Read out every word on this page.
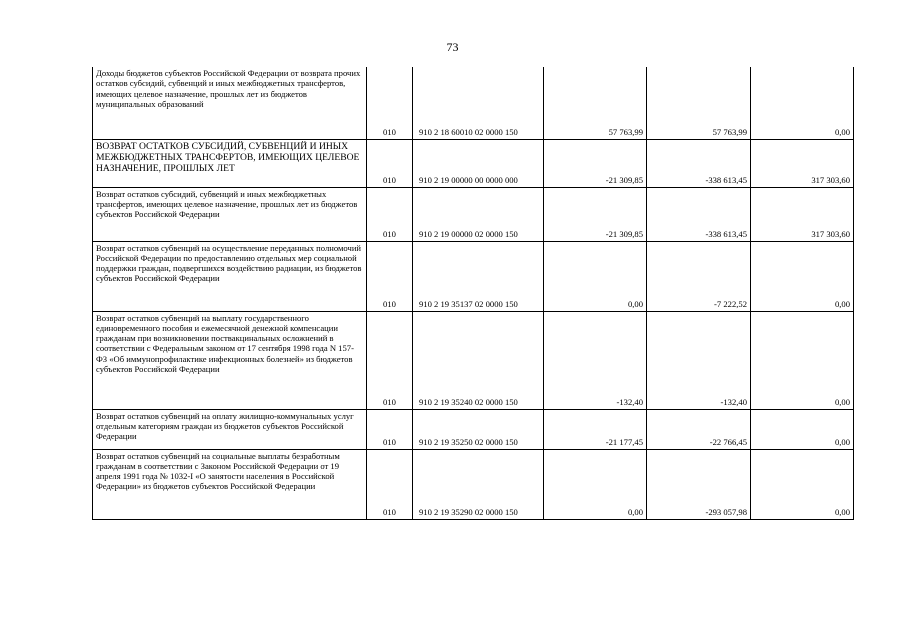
73
Доходы бюджетов субъектов Российской Федерации от возврата прочих остатков субсидий, субвенций и иных межбюджетных трансфертов, имеющих целевое назначение, прошлых лет из бюджетов муниципальных образований	010	910 2 18 60010 02 0000 150	57 763,99	57 763,99	0,00
ВОЗВРАТ ОСТАТКОВ СУБСИДИЙ, СУБВЕНЦИЙ И ИНЫХ МЕЖБЮДЖЕТНЫХ ТРАНСФЕРТОВ, ИМЕЮЩИХ ЦЕЛЕВОЕ НАЗНАЧЕНИЕ, ПРОШЛЫХ ЛЕТ	010	910 2 19 00000 00 0000 000	-21 309,85	-338 613,45	317 303,60
Возврат остатков субсидий, субвенций и иных межбюджетных трансфертов, имеющих целевое назначение, прошлых лет из бюджетов субъектов Российской Федерации	010	910 2 19 00000 02 0000 150	-21 309,85	-338 613,45	317 303,60
Возврат остатков субвенций на осуществление переданных полномочий Российской Федерации по предоставлению отдельных мер социальной поддержки граждан, подвергшихся воздействию радиации, из бюджетов субъектов Российской Федерации	010	910 2 19 35137 02 0000 150	0,00	-7 222,52	0,00
Возврат остатков субвенций на выплату государственного единовременного пособия и ежемесячной денежной компенсации гражданам при возникновении поствакцинальных осложнений в соответствии с Федеральным законом от 17 сентября 1998 года N 157-ФЗ «Об иммунопрофилактике инфекционных болезней» из бюджетов субъектов Российской Федерации	010	910 2 19 35240 02 0000 150	-132,40	-132,40	0,00
Возврат остатков субвенций на оплату жилищно-коммунальных услуг отдельным категориям граждан из бюджетов субъектов Российской Федерации	010	910 2 19 35250 02 0000 150	-21 177,45	-22 766,45	0,00
Возврат остатков субвенций на социальные выплаты безработным гражданам в соответствии с Законом Российской Федерации от 19 апреля 1991 года № 1032-I «О занятости населения в Российской Федерации» из бюджетов субъектов Российской Федерации	010	910 2 19 35290 02 0000 150	0,00	-293 057,98	0,00
